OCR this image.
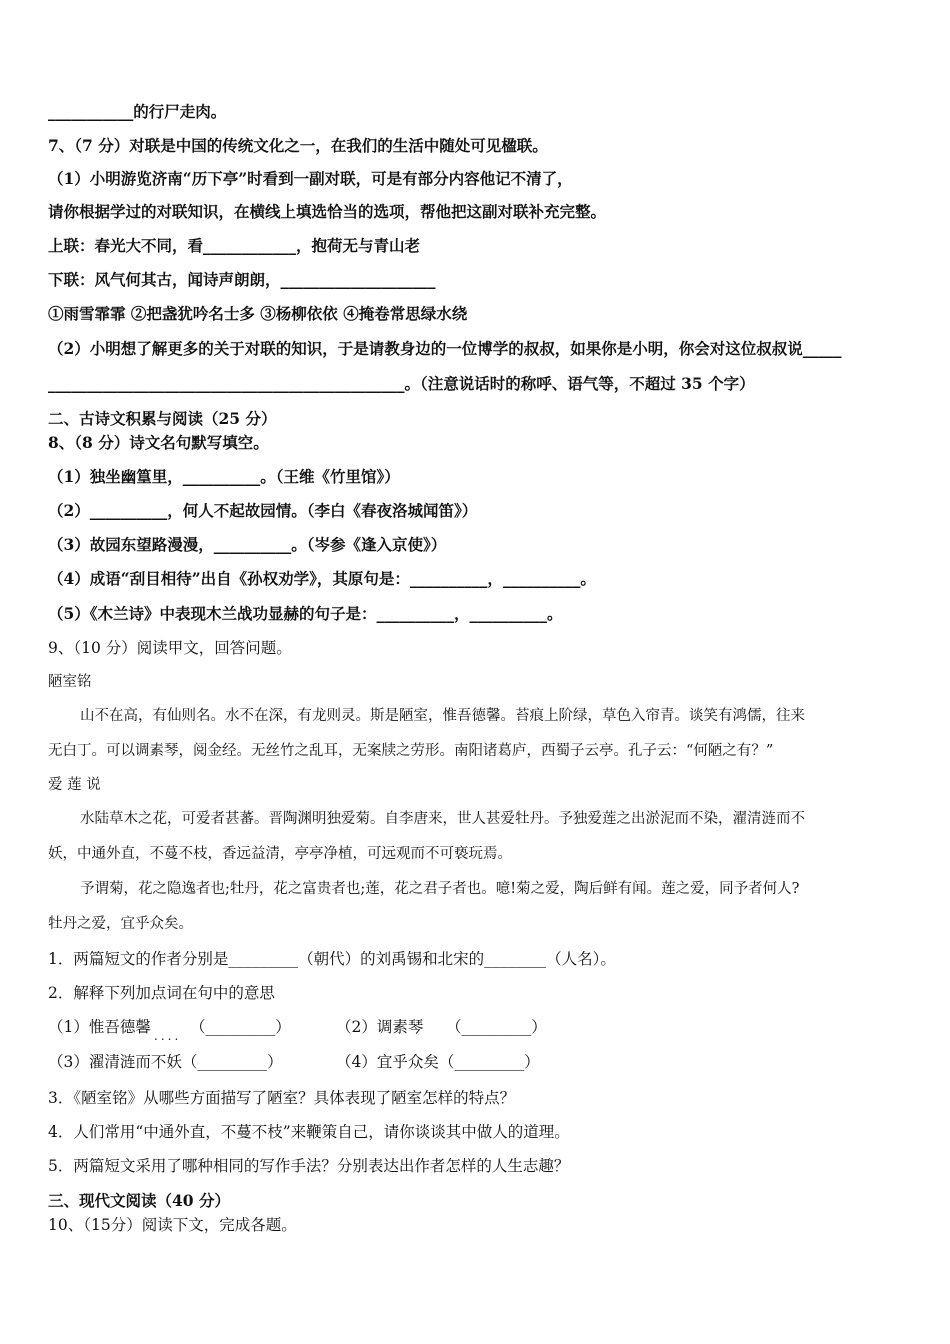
___________的行尸走肉。
7、（7 分）对联是中国的传统文化之一，在我们的生活中随处可见楹联。
（1）小明游览济南“历下亭”时看到一副对联，可是有部分内容他记不清了，
请你根据学过的对联知识，在横线上填选恰当的选项，帮他把这副对联补充完整。
上联：春光大不同，看____________，抱荷无与青山老
下联：风气何其古，闻诗声朗朗，____________________
①雨雪霏霏 ②把盏犹吟名士多 ③杨柳依依 ④掩卷常思绿水绕
（2）小明想了解更多的关于对联的知识，于是请教身边的一位博学的叔叔，如果你是小明，你会对这位叔叔说_____
______________________________________________。（注意说话时的称呼、语气等，不超过 35 个字）
二、古诗文积累与阅读（25 分）
8、（8 分）诗文名句默写填空。
（1）独坐幽篁里，__________。（王维《竹里馆》）
（2）__________，何人不起故园情。（李白《春夜洛城闻笛》）
（3）故园东望路漫漫，__________。（岑参《逢入京使》）
（4）成语“刮目相待”出自《孙权劝学》，其原句是：__________，__________。
（5）《木兰诗》中表现木兰战功显赫的句子是：__________，__________。
9、（10 分）阅读甲文，回答问题。
陋室铭
山不在高，有仙则名。水不在深，有龙则灵。斯是陋室，惟吾德馨。苔痕上阶绿，草色入帘青。谈笑有鸿儒，往来
无白丁。可以调素琴，阅金经。无丝竹之乱耳，无案牍之劳形。南阳诸葛庐，西蜀子云亭。孔子云：“何陋之有？”
爱 莲 说
水陆草木之花，可爱者甚蕃。晋陶渊明独爱菊。自李唐来，世人甚爱牡丹。予独爱莲之出淤泥而不染，濯清涟而不
妖，中通外直，不蔓不枝，香远益清，亭亭净植，可远观而不可亵玩焉。
予谓菊，花之隐逸者也;牡丹，花之富贵者也;莲，花之君子者也。噫!菊之爱，陶后鲜有闻。莲之爱，同予者何人?
牡丹之爱，宜乎众矣。
1．两篇短文的作者分别是_________（朝代）的刘禹锡和北宋的________（人名）。
2．解释下列加点词在句中的意思
（1）惟吾德馨 .... （_________）	（2）调素琴 （_________）
（3）濯清涟而不妖（_________）	（4）宜乎众矣（_________）
3．《陋室铭》从哪些方面描写了陋室？具体表现了陋室怎样的特点？
4．人们常用“中通外直，不蔓不枝”来鞭策自己，请你谈谈其中做人的道理。
5．两篇短文采用了哪种相同的写作手法？分别表达出作者怎样的人生志趣？
三、现代文阅读（40 分）
10、（15分）阅读下文，完成各题。
